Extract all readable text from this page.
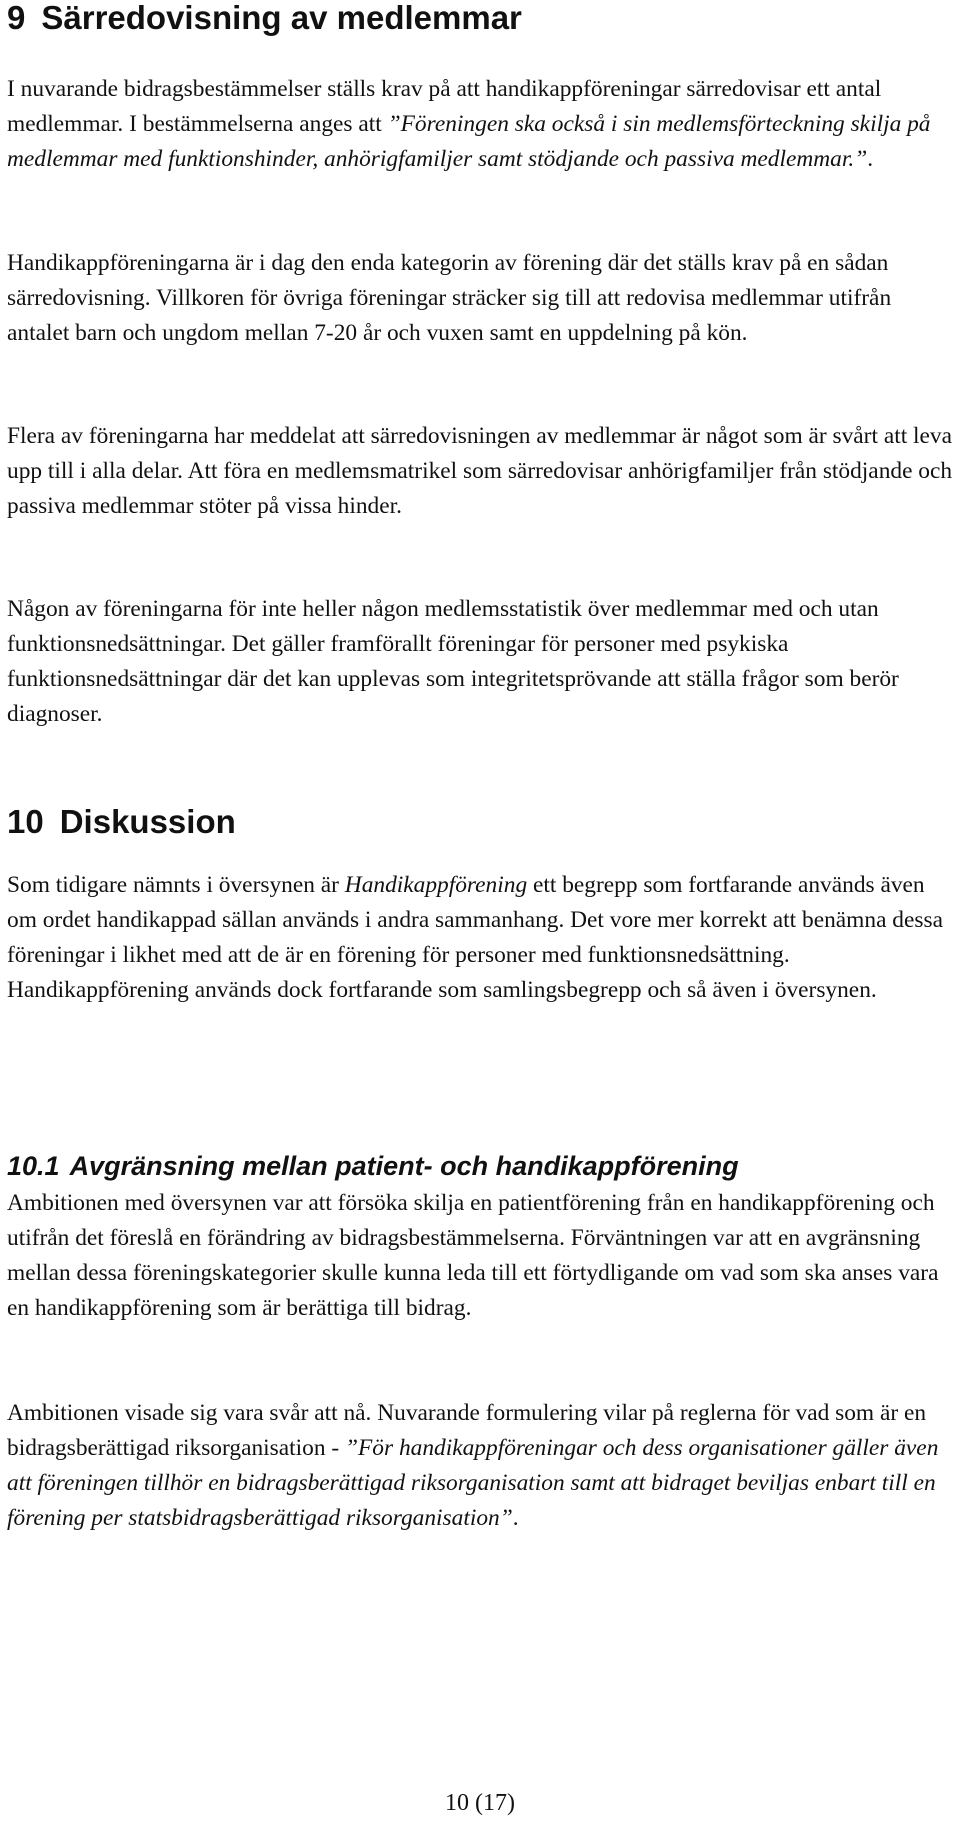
9 Särredovisning av medlemmar

I nuvarande bidragsbestämmelser ställs krav på att handikappföreningar särredovisar ett antal medlemmar. I bestämmelserna anges att ”Föreningen ska också i sin medlemsförteckning skilja på medlemmar med funktionshinder, anhörigfamiljer samt stödjande och passiva medlemmar.”.

Handikappföreningarna är i dag den enda kategorin av förening där det ställs krav på en sådan särredovisning. Villkoren för övriga föreningar sträcker sig till att redovisa medlemmar utifrån antalet barn och ungdom mellan 7-20 år och vuxen samt en uppdelning på kön.

Flera av föreningarna har meddelat att särredovisningen av medlemmar är något som är svårt att leva upp till i alla delar. Att föra en medlemsmatrikel som särredovisar anhörigfamiljer från stödjande och passiva medlemmar stöter på vissa hinder.

Någon av föreningarna för inte heller någon medlemsstatistik över medlemmar med och utan funktionsnedsättningar. Det gäller framförallt föreningar för personer med psykiska funktionsnedsättningar där det kan upplevas som integritetsprövande att ställa frågor som berör diagnoser.

10 Diskussion

Som tidigare nämnts i översynen är Handikappförening ett begrepp som fortfarande används även om ordet handikappad sällan används i andra sammanhang. Det vore mer korrekt att benämna dessa föreningar i likhet med att de är en förening för personer med funktionsnedsättning. Handikappförening används dock fortfarande som samlingsbegrepp och så även i översynen.

10.1 Avgränsning mellan patient- och handikappförening

Ambitionen med översynen var att försöka skilja en patientförening från en handikappförening och utifrån det föreslå en förändring av bidragsbestämmelserna. Förväntningen var att en avgränsning mellan dessa föreningskategorier skulle kunna leda till ett förtydligande om vad som ska anses vara en handikappförening som är berättiga till bidrag.

Ambitionen visade sig vara svår att nå. Nuvarande formulering vilar på reglerna för vad som är en bidragsberättigad riksorganisation - ”För handikappföreningar och dess organisationer gäller även att föreningen tillhör en bidragsberättigad riksorganisation samt att bidraget beviljas enbart till en förening per statsbidragsberättigad riksorganisation”.

10 (17)
